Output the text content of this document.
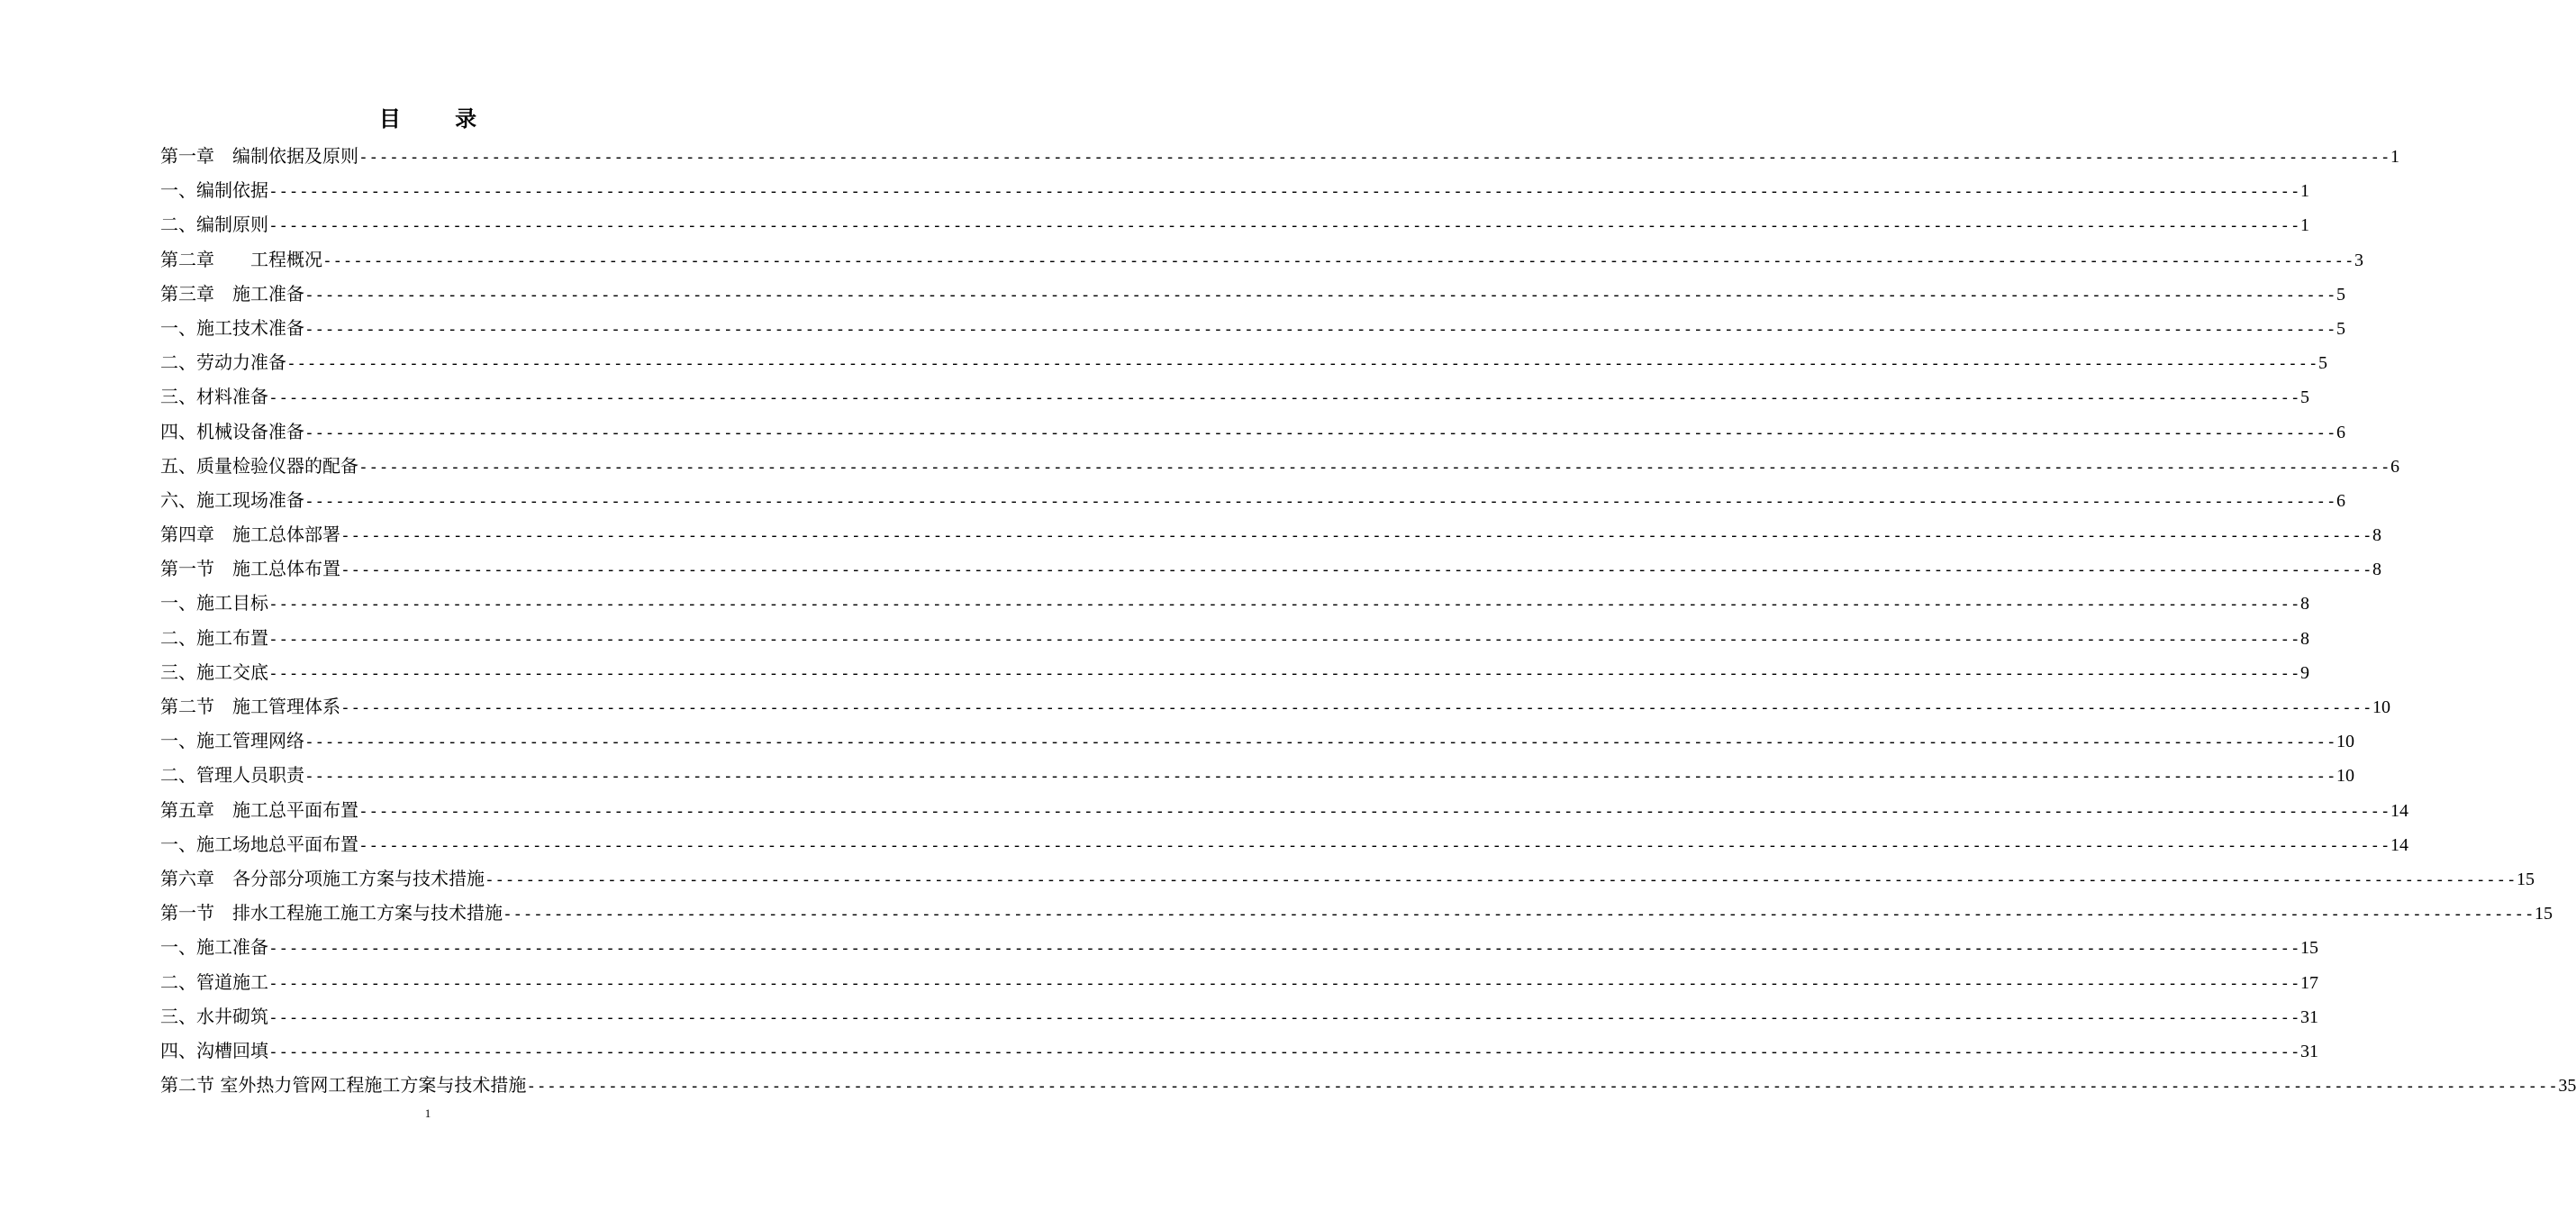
目 录
第一章　编制依据及原则 ------------------------------------------------------------------------------------------------------------------------------------------------------------------------------------------------------- 1
一、编制依据 ------------------------------------------------------------------------------------------------------------------------------------------------------------------------------------------------------- 1
二、编制原则 ------------------------------------------------------------------------------------------------------------------------------------------------------------------------------------------------------- 1
第二章　　工程概况 ------------------------------------------------------------------------------------------------------------------------------------------------------------------------------------------------------- 3
第三章　施工准备 ------------------------------------------------------------------------------------------------------------------------------------------------------------------------------------------------------- 5
一、施工技术准备 ------------------------------------------------------------------------------------------------------------------------------------------------------------------------------------------------------- 5
二、劳动力准备 ------------------------------------------------------------------------------------------------------------------------------------------------------------------------------------------------------- 5
三、材料准备 ------------------------------------------------------------------------------------------------------------------------------------------------------------------------------------------------------- 5
四、机械设备准备 ------------------------------------------------------------------------------------------------------------------------------------------------------------------------------------------------------- 6
五、质量检验仪器的配备 ------------------------------------------------------------------------------------------------------------------------------------------------------------------------------------------------------- 6
六、施工现场准备 ------------------------------------------------------------------------------------------------------------------------------------------------------------------------------------------------------- 6
第四章　施工总体部署 ------------------------------------------------------------------------------------------------------------------------------------------------------------------------------------------------------- 8
第一节　施工总体布置 ------------------------------------------------------------------------------------------------------------------------------------------------------------------------------------------------------- 8
一、施工目标 ------------------------------------------------------------------------------------------------------------------------------------------------------------------------------------------------------- 8
二、施工布置 ------------------------------------------------------------------------------------------------------------------------------------------------------------------------------------------------------- 8
三、施工交底 ------------------------------------------------------------------------------------------------------------------------------------------------------------------------------------------------------- 9
第二节　施工管理体系 ------------------------------------------------------------------------------------------------------------------------------------------------------------------------------------------------------- 10
一、施工管理网络 ------------------------------------------------------------------------------------------------------------------------------------------------------------------------------------------------------- 10
二、管理人员职责 ------------------------------------------------------------------------------------------------------------------------------------------------------------------------------------------------------- 10
第五章　施工总平面布置 ------------------------------------------------------------------------------------------------------------------------------------------------------------------------------------------------------- 14
一、施工场地总平面布置 ------------------------------------------------------------------------------------------------------------------------------------------------------------------------------------------------------- 14
第六章　各分部分项施工方案与技术措施 ------------------------------------------------------------------------------------------------------------------------------------------------------------------------------------------------------- 15
第一节　排水工程施工施工方案与技术措施 ------------------------------------------------------------------------------------------------------------------------------------------------------------------------------------------------------- 15
一、施工准备 ------------------------------------------------------------------------------------------------------------------------------------------------------------------------------------------------------- 15
二、管道施工 ------------------------------------------------------------------------------------------------------------------------------------------------------------------------------------------------------- 17
三、水井砌筑 ------------------------------------------------------------------------------------------------------------------------------------------------------------------------------------------------------- 31
四、沟槽回填 ------------------------------------------------------------------------------------------------------------------------------------------------------------------------------------------------------- 31
第二节 室外热力管网工程施工方案与技术措施 ------------------------------------------------------------------------------------------------------------------------------------------------------------------------------------------------------- 35
1
